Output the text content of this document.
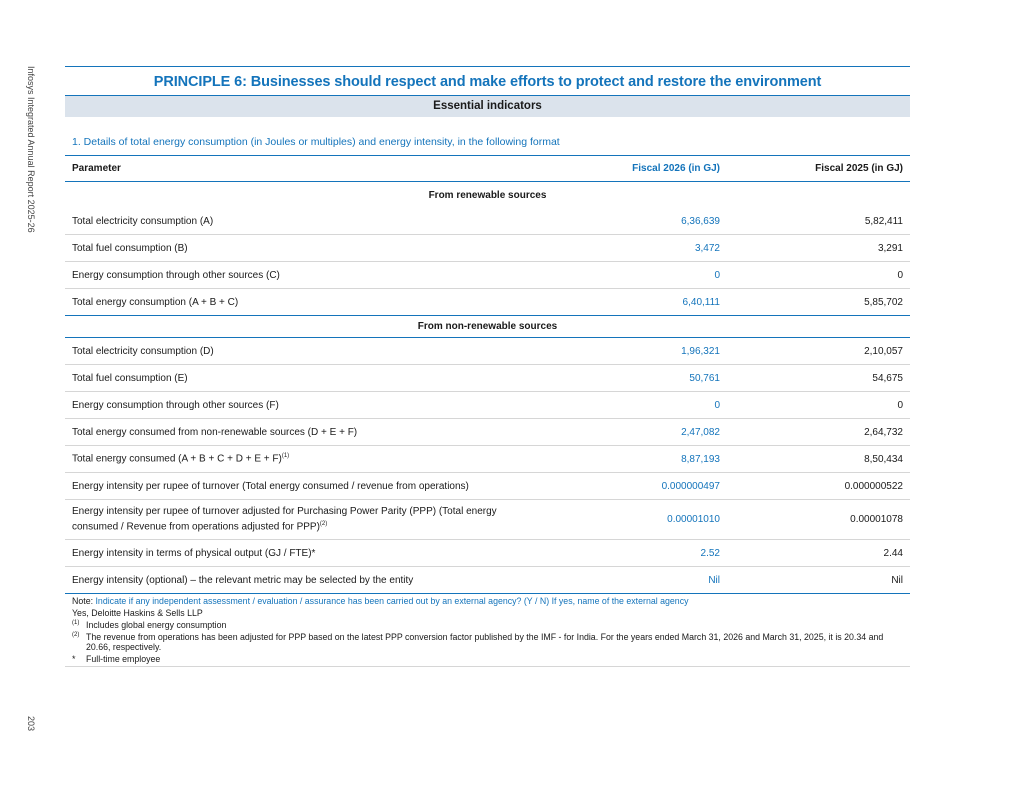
Infosys Integrated Annual Report 2025-26
203
PRINCIPLE 6: Businesses should respect and make efforts to protect and restore the environment
Essential indicators
1. Details of total energy consumption (in Joules or multiples) and energy intensity, in the following format
Parameter	Fiscal 2026 (in GJ)	Fiscal 2025 (in GJ)
From renewable sources		
Total electricity consumption (A)	6,36,639	5,82,411
Total fuel consumption (B)	3,472	3,291
Energy consumption through other sources (C)	0	0
Total energy consumption (A + B + C)	6,40,111	5,85,702
From non-renewable sources		
Total electricity consumption (D)	1,96,321	2,10,057
Total fuel consumption (E)	50,761	54,675
Energy consumption through other sources (F)	0	0
Total energy consumed from non-renewable sources (D + E + F)	2,47,082	2,64,732
Total energy consumed $(A + B + C + D + E + F)^{(1)}$	8,87,193	8,50,434
Energy intensity per rupee of turnover (Total energy consumed / revenue from operations)	0.000000497	0.000000522
Energy intensity per rupee of turnover adjusted for Purchasing Power Parity (PPP) (Total energy consumed / Revenue from operations adjusted for PPP)$^{(2)}$	0.00001010	0.00001078
Energy intensity in terms of physical output (GJ / FTE)*	2.52	2.44
Energy intensity (optional) – the relevant metric may be selected by the entity	Nil	Nil
Note: Indicate if any independent assessment / evaluation / assurance has been carried out by an external agency? (Y / N) If yes, name of the external agency
Yes, Deloitte Haskins & Sells LLP
(1) Includes global energy consumption
(2) The revenue from operations has been adjusted for PPP based on the latest PPP conversion factor published by the IMF - for India. For the years ended March 31, 2026 and March 31, 2025, it is 20.34 and 20.66, respectively.
*	Full-time employee
